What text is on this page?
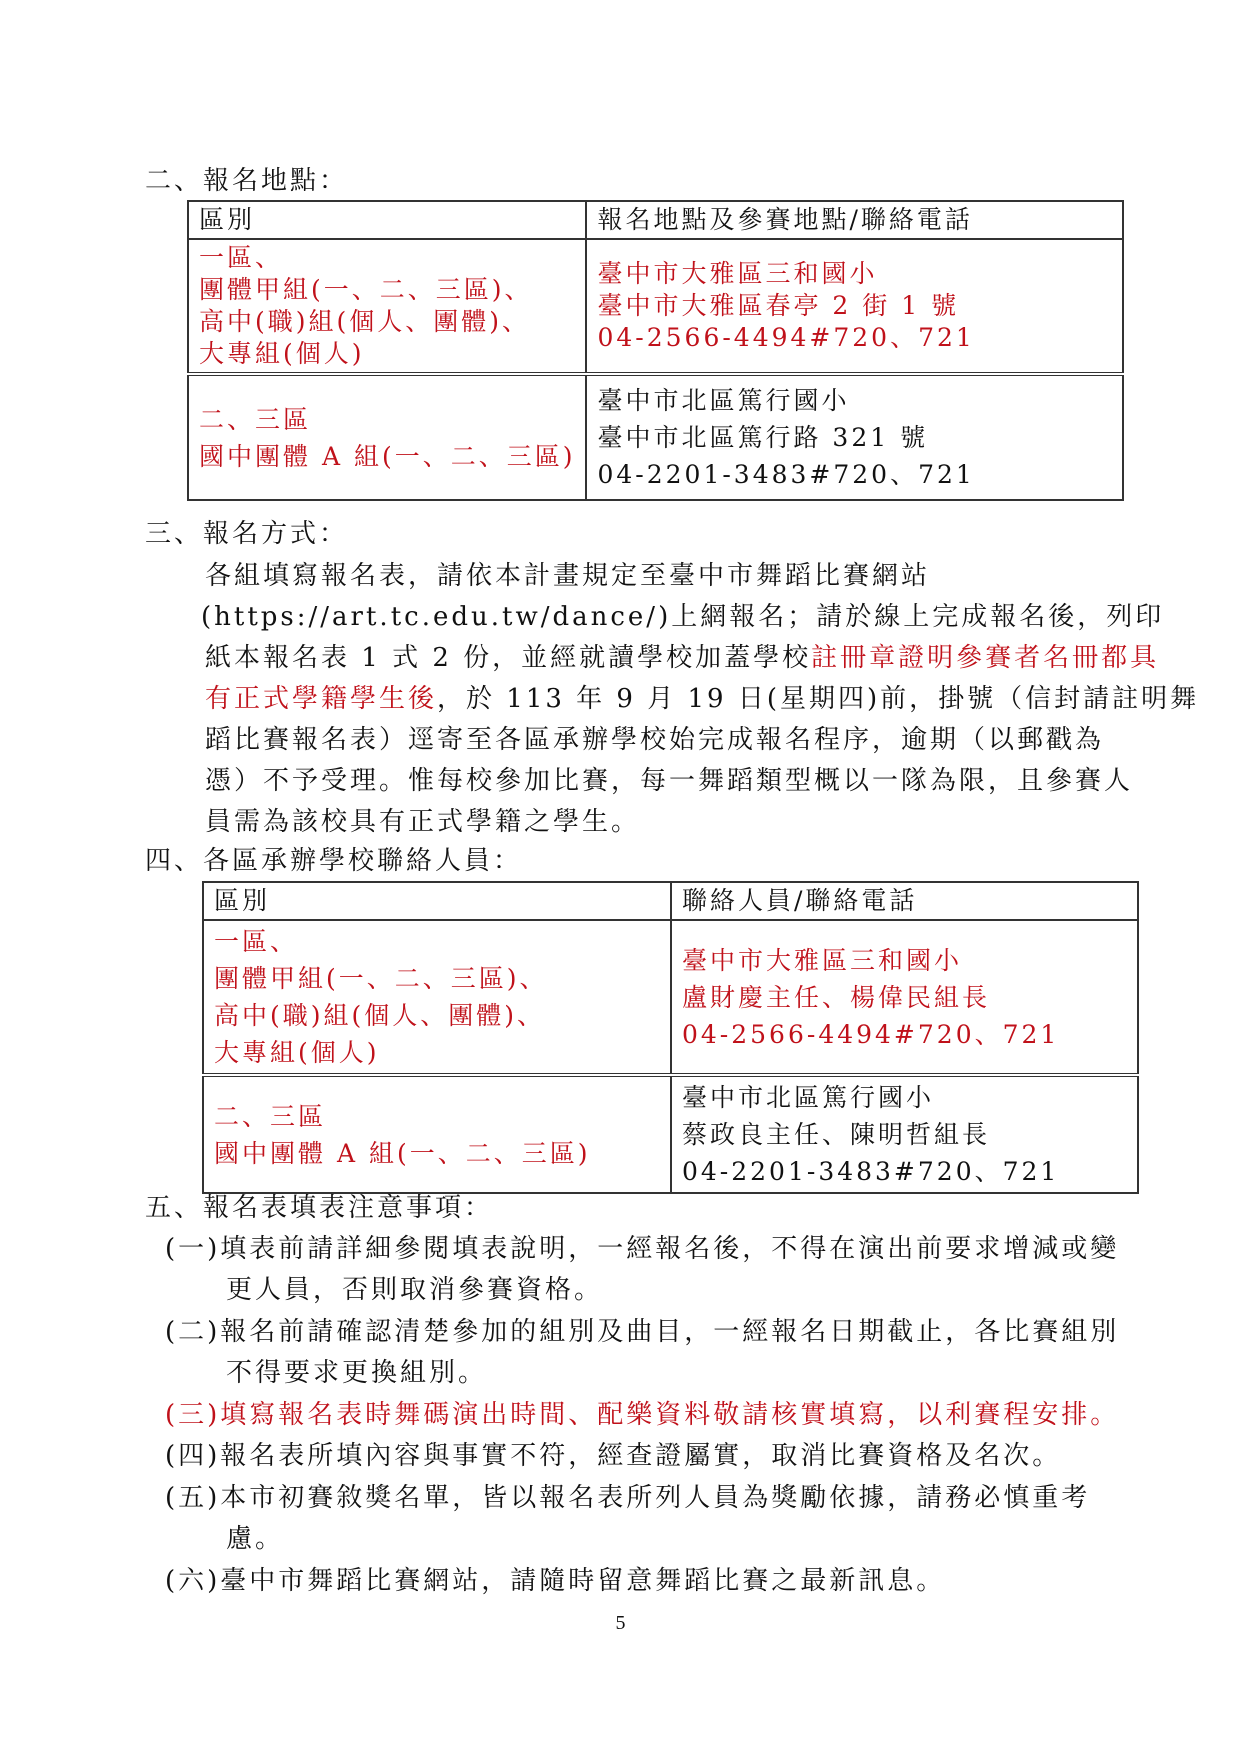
二、報名地點：
區別	報名地點及參賽地點/聯絡電話

一區、
團體甲組(一、二、三區)、
高中(職)組(個人、團體)、
大專組(個人)	臺中市大雅區三和國小
臺中市大雅區春亭 2 街 1 號
04-2566-4494#720、721

二、三區
國中團體 A 組(一、二、三區)	臺中市北區篤行國小
臺中市北區篤行路 321 號
04-2201-3483#720、721
三、報名方式：
各組填寫報名表，請依本計畫規定至臺中市舞蹈比賽網站
(https://art.tc.edu.tw/dance/)上網報名；請於線上完成報名後，列印
紙本報名表 1 式 2 份，並經就讀學校加蓋學校註冊章證明參賽者名冊都具
有正式學籍學生後，於 113 年 9 月 19 日(星期四)前，掛號（信封請註明舞
蹈比賽報名表）逕寄至各區承辦學校始完成報名程序，逾期（以郵戳為
憑）不予受理。惟每校參加比賽，每一舞蹈類型概以一隊為限，且參賽人
員需為該校具有正式學籍之學生。
四、各區承辦學校聯絡人員：
區別	聯絡人員/聯絡電話

一區、
團體甲組(一、二、三區)、
高中(職)組(個人、團體)、
大專組(個人)	臺中市大雅區三和國小
盧財慶主任、楊偉民組長
04-2566-4494#720、721

二、三區
國中團體 A 組(一、二、三區)	臺中市北區篤行國小
蔡政良主任、陳明哲組長
04-2201-3483#720、721
五、報名表填表注意事項：
(一)填表前請詳細參閱填表說明，一經報名後，不得在演出前要求增減或變
更人員，否則取消參賽資格。
(二)報名前請確認清楚參加的組別及曲目，一經報名日期截止，各比賽組別
不得要求更換組別。
(三)填寫報名表時舞碼演出時間、配樂資料敬請核實填寫，以利賽程安排。
(四)報名表所填內容與事實不符，經查證屬實，取消比賽資格及名次。
(五)本市初賽敘獎名單，皆以報名表所列人員為獎勵依據，請務必慎重考
慮。
(六)臺中市舞蹈比賽網站，請隨時留意舞蹈比賽之最新訊息。
5
